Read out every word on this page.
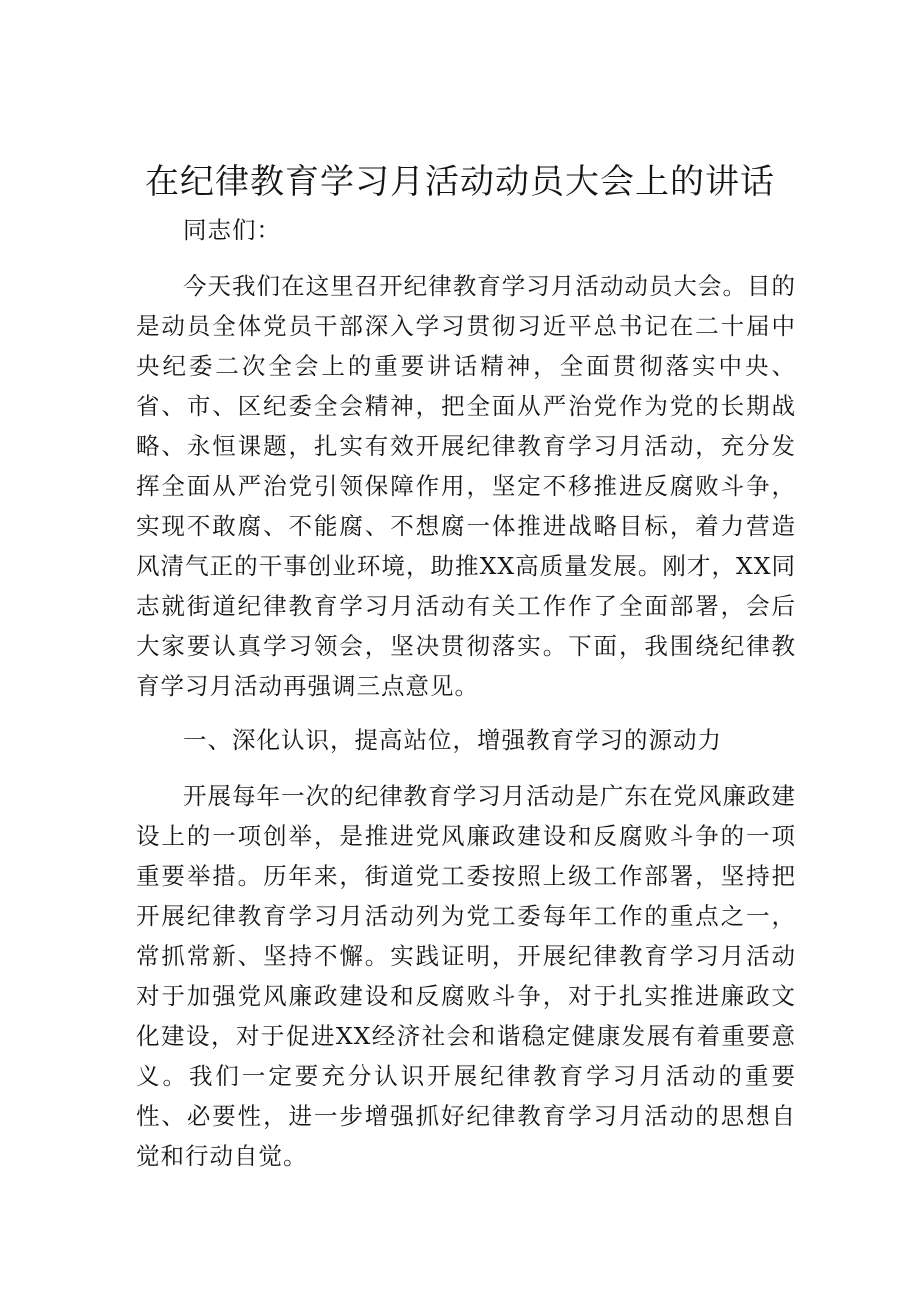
在纪律教育学习月活动动员大会上的讲话

同志们：

今天我们在这里召开纪律教育学习月活动动员大会。目的是动员全体党员干部深入学习贯彻习近平总书记在二十届中央纪委二次全会上的重要讲话精神，全面贯彻落实中央、省、市、区纪委全会精神，把全面从严治党作为党的长期战略、永恒课题，扎实有效开展纪律教育学习月活动，充分发挥全面从严治党引领保障作用，坚定不移推进反腐败斗争，实现不敢腐、不能腐、不想腐一体推进战略目标，着力营造风清气正的干事创业环境，助推XX高质量发展。刚才，XX同志就街道纪律教育学习月活动有关工作作了全面部署，会后大家要认真学习领会，坚决贯彻落实。下面，我围绕纪律教育学习月活动再强调三点意见。

一、深化认识，提高站位，增强教育学习的源动力

开展每年一次的纪律教育学习月活动是广东在党风廉政建设上的一项创举，是推进党风廉政建设和反腐败斗争的一项重要举措。历年来，街道党工委按照上级工作部署，坚持把开展纪律教育学习月活动列为党工委每年工作的重点之一，常抓常新、坚持不懈。实践证明，开展纪律教育学习月活动对于加强党风廉政建设和反腐败斗争，对于扎实推进廉政文化建设，对于促进XX经济社会和谐稳定健康发展有着重要意义。我们一定要充分认识开展纪律教育学习月活动的重要性、必要性，进一步增强抓好纪律教育学习月活动的思想自觉和行动自觉。
